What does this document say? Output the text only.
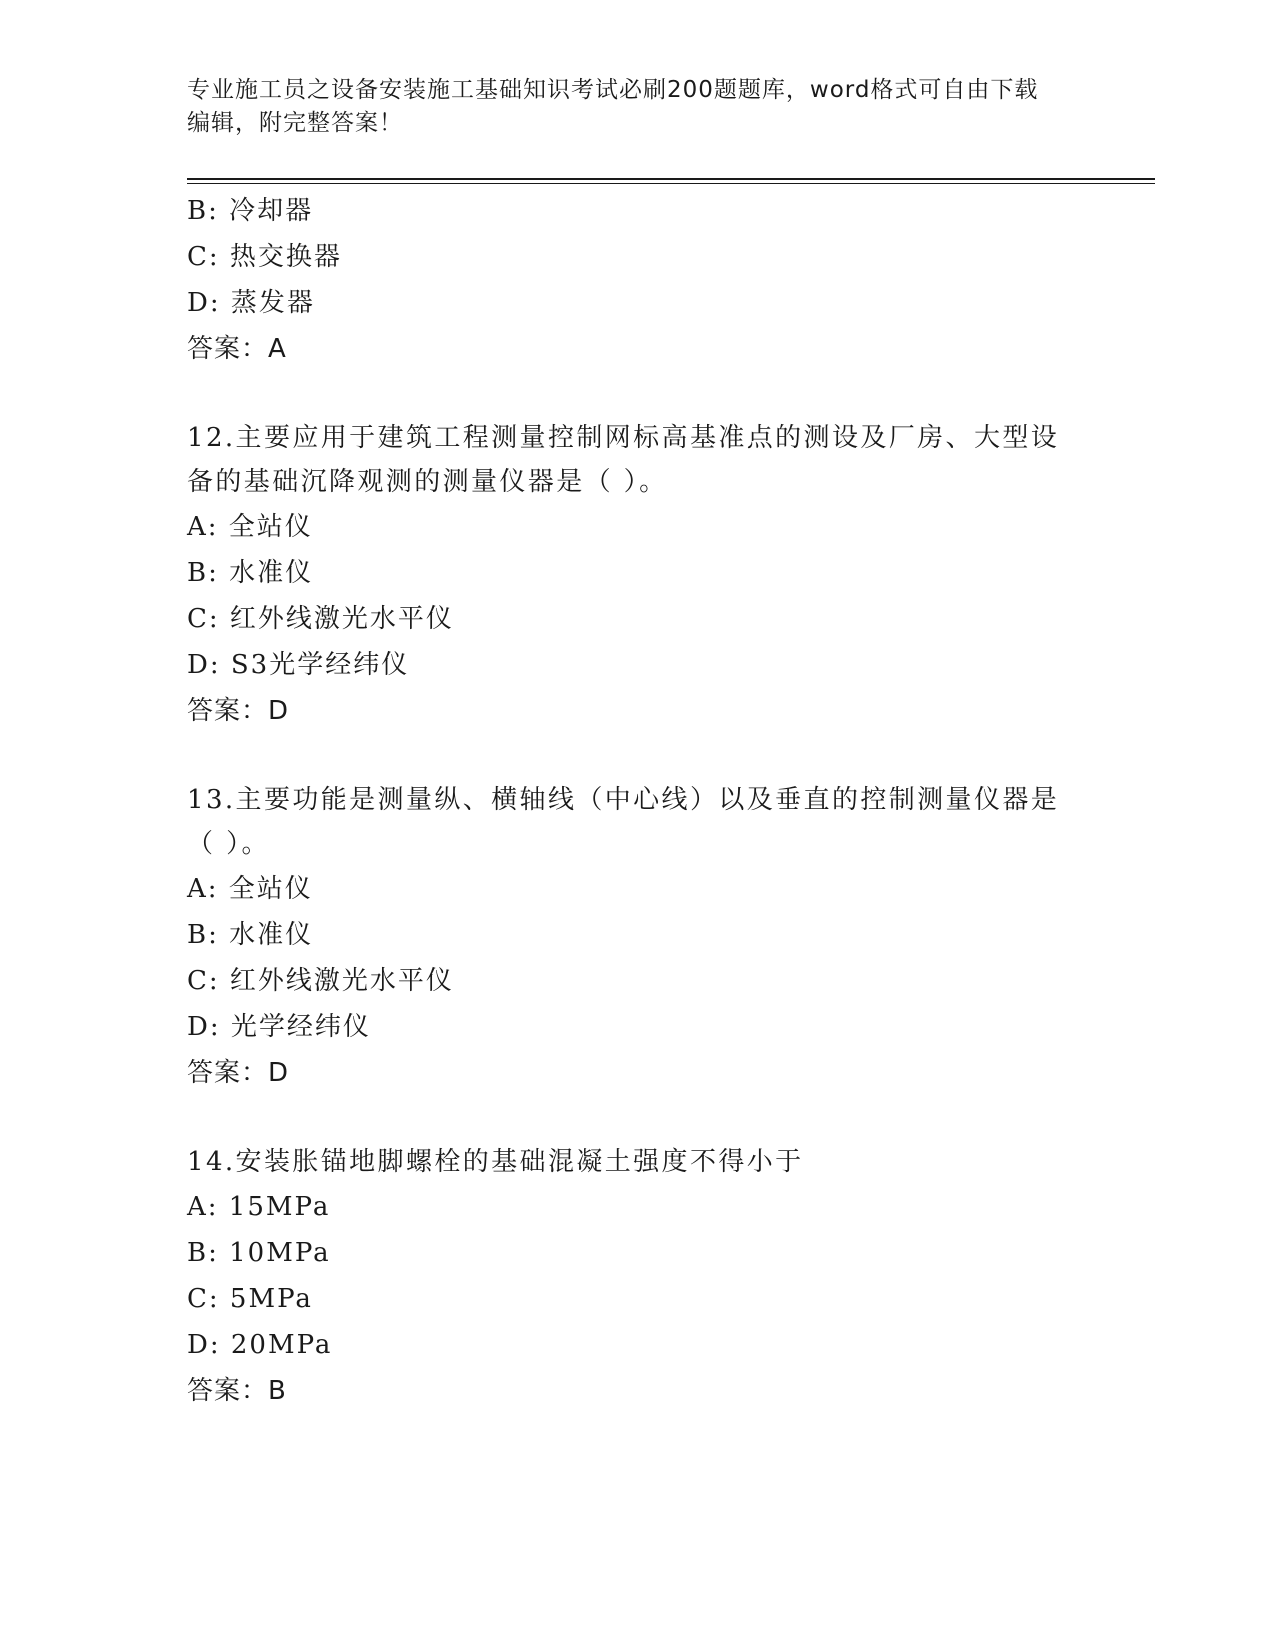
专业施工员之设备安装施工基础知识考试必刷200题题库，word格式可自由下载
编辑，附完整答案！
B: 冷却器
C: 热交换器
D: 蒸发器
答案：A
12.主要应用于建筑工程测量控制网标高基准点的测设及厂房、大型设备的基础沉降观测的测量仪器是（ ）。
A: 全站仪
B: 水准仪
C: 红外线激光水平仪
D: S3光学经纬仪
答案：D
13.主要功能是测量纵、横轴线（中心线）以及垂直的控制测量仪器是（ ）。
A: 全站仪
B: 水准仪
C: 红外线激光水平仪
D: 光学经纬仪
答案：D
14.安装胀锚地脚螺栓的基础混凝土强度不得小于
A: 15MPa
B: 10MPa
C: 5MPa
D: 20MPa
答案：B
